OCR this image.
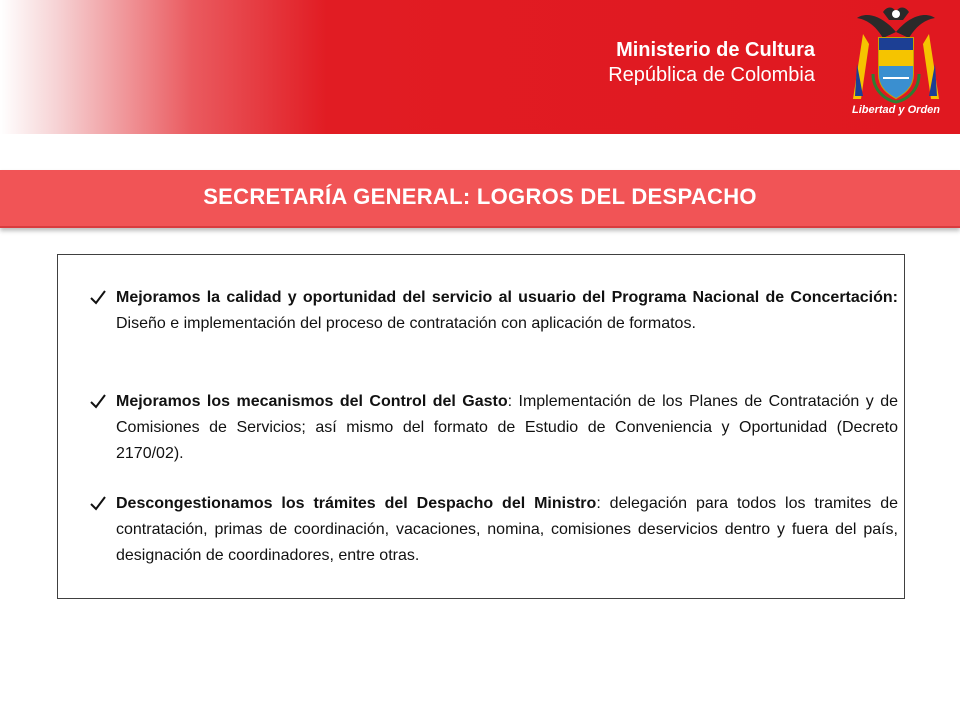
Ministerio de Cultura
República de Colombia
Libertad y Orden
SECRETARÍA GENERAL: LOGROS DEL DESPACHO
Mejoramos la calidad y oportunidad del servicio al usuario del Programa Nacional de Concertación: Diseño e implementación del proceso de contratación con aplicación de formatos.
Mejoramos los mecanismos del Control del Gasto: Implementación de los Planes de Contratación y de Comisiones de Servicios; así mismo del formato de Estudio de Conveniencia y Oportunidad (Decreto 2170/02).
Descongestionamos los trámites del Despacho del Ministro: delegación para todos los tramites de contratación, primas de coordinación, vacaciones, nomina, comisiones deservicios dentro y fuera del país, designación de coordinadores, entre otras.
